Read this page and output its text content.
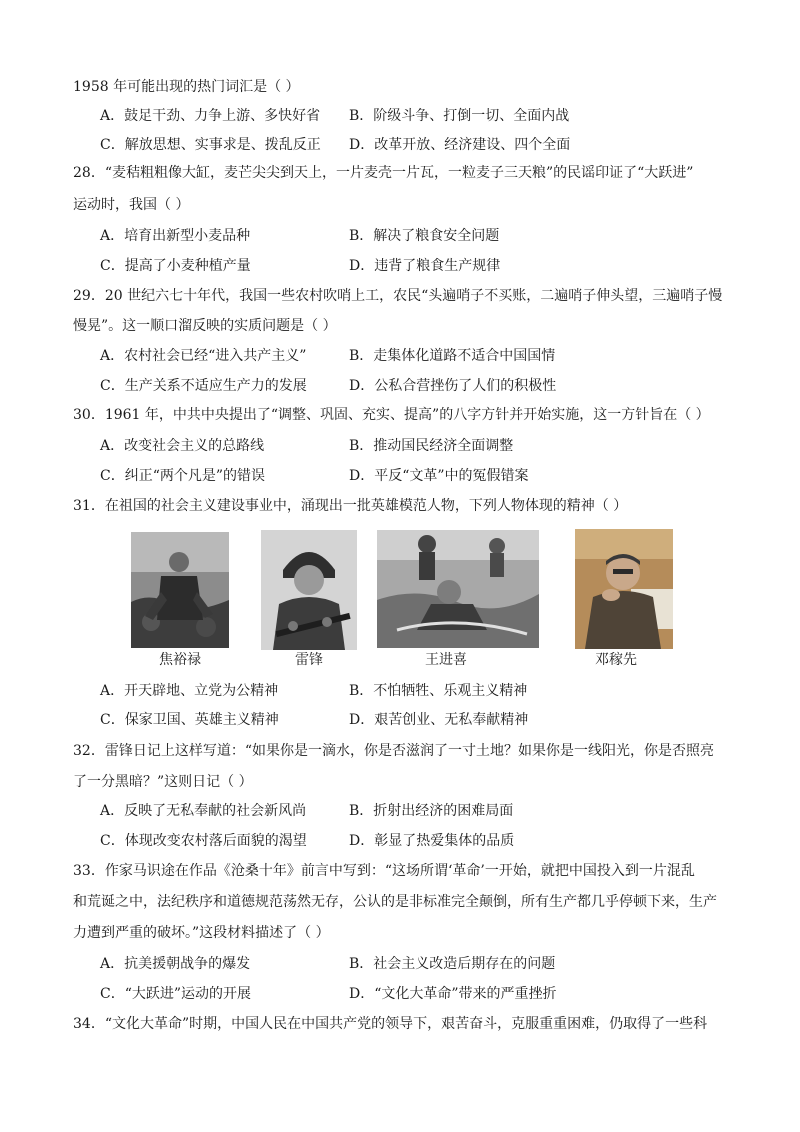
1958 年可能出现的热门词汇是（ ）
A．鼓足干劲、力争上游、多快好省 B．阶级斗争、打倒一切、全面内战
C．解放思想、实事求是、拨乱反正 D．改革开放、经济建设、四个全面
28．“麦秸粗粗像大缸，麦芒尖尖到天上，一片麦壳一片瓦，一粒麦子三天粮”的民谣印证了“大跃进”
运动时，我国（ ）
A．培育出新型小麦品种	B．解决了粮食安全问题
C．提高了小麦种植产量	D．违背了粮食生产规律
29．20 世纪六七十年代，我国一些农村吹哨上工，农民“头遍哨子不买账，二遍哨子伸头望，三遍哨子慢
慢晃”。这一顺口溜反映的实质问题是（ ）
A．农村社会已经“进入共产主义”	B．走集体化道路不适合中国国情
C．生产关系不适应生产力的发展	D．公私合营挫伤了人们的积极性
30．1961 年，中共中央提出了“调整、巩固、充实、提高”的八字方针并开始实施，这一方针旨在（ ）
A．改变社会主义的总路线	B．推动国民经济全面调整
C．纠正“两个凡是”的错误	D．平反“文革”中的冤假错案
31．在祖国的社会主义建设事业中，涌现出一批英雄模范人物，下列人物体现的精神（ ）
焦裕禄	雷锋	王进喜	邓稼先
A．开天辟地、立党为公精神	B．不怕牺牲、乐观主义精神
C．保家卫国、英雄主义精神	D．艰苦创业、无私奉献精神
32．雷锋日记上这样写道：“如果你是一滴水，你是否滋润了一寸土地？如果你是一线阳光，你是否照亮
了一分黑暗？”这则日记（ ）
A．反映了无私奉献的社会新风尚	B．折射出经济的困难局面
C．体现改变农村落后面貌的渴望	D．彰显了热爱集体的品质
33．作家马识途在作品《沧桑十年》前言中写到：“这场所谓‘革命’一开始，就把中国投入到一片混乱
和荒诞之中，法纪秩序和道德规范荡然无存，公认的是非标准完全颠倒，所有生产都几乎停顿下来，生产
力遭到严重的破坏。”这段材料描述了（ ）
A．抗美援朝战争的爆发	B．社会主义改造后期存在的问题
C．“大跃进”运动的开展	D．“文化大革命”带来的严重挫折
34．“文化大革命”时期，中国人民在中国共产党的领导下，艰苦奋斗，克服重重困难，仍取得了一些科
